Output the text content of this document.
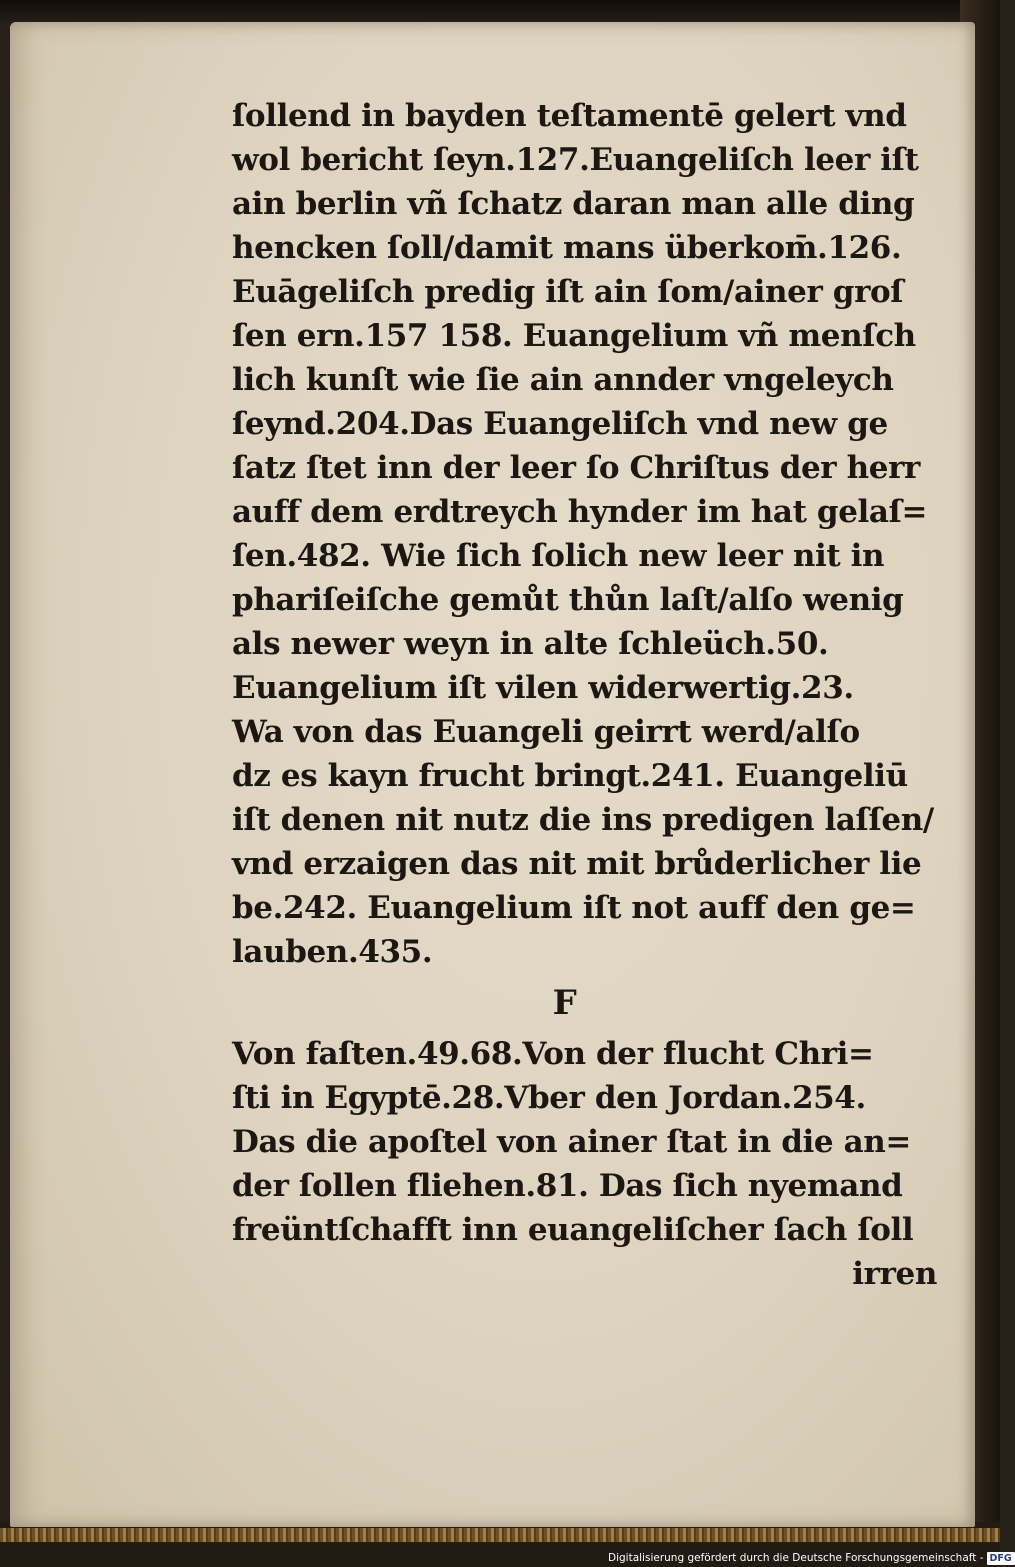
ſollend in bayden teſtamentē gelert vnd
wol bericht ſeyn.127.Euangeliſch leer iſt
ain berlin vñ ſchatz daran man alle ding
hencken ſoll/damit mans überkom̄.126.
Euāgeliſch predig iſt ain ſom/ainer groſ
ſen ern.157 158. Euangelium vñ menſch
lich kunſt wie ſie ain annder vngeleych
ſeynd.204.Das Euangeliſch vnd new ge
ſatz ſtet inn der leer ſo Chriſtus der herr
auff dem erdtreych hynder im hat gelaſ=
ſen.482. Wie ſich ſolich new leer nit in
phariſeiſche gemůt thůn laſt/alſo wenig
als newer weyn in alte ſchleüch.50.
Euangelium iſt vilen widerwertig.23.
Wa von das Euangeli geirrt werd/alſo
dz es kayn frucht bringt.241. Euangeliū
iſt denen nit nutz die ins predigen laſſen/
vnd erzaigen das nit mit brůderlicher lie
be.242. Euangelium iſt not auff den ge=
lauben.435.
F
Von faſten.49.68.Von der flucht Chri=
ſti in Egyptē.28.Vber den Jordan.254.
Das die apoſtel von ainer ſtat in die an=
der ſollen fliehen.81. Das ſich nyemand
freüntſchafft inn euangeliſcher ſach ſoll
irren
Digitalisierung gefördert durch die Deutsche Forschungsgemeinschaft - DFG
